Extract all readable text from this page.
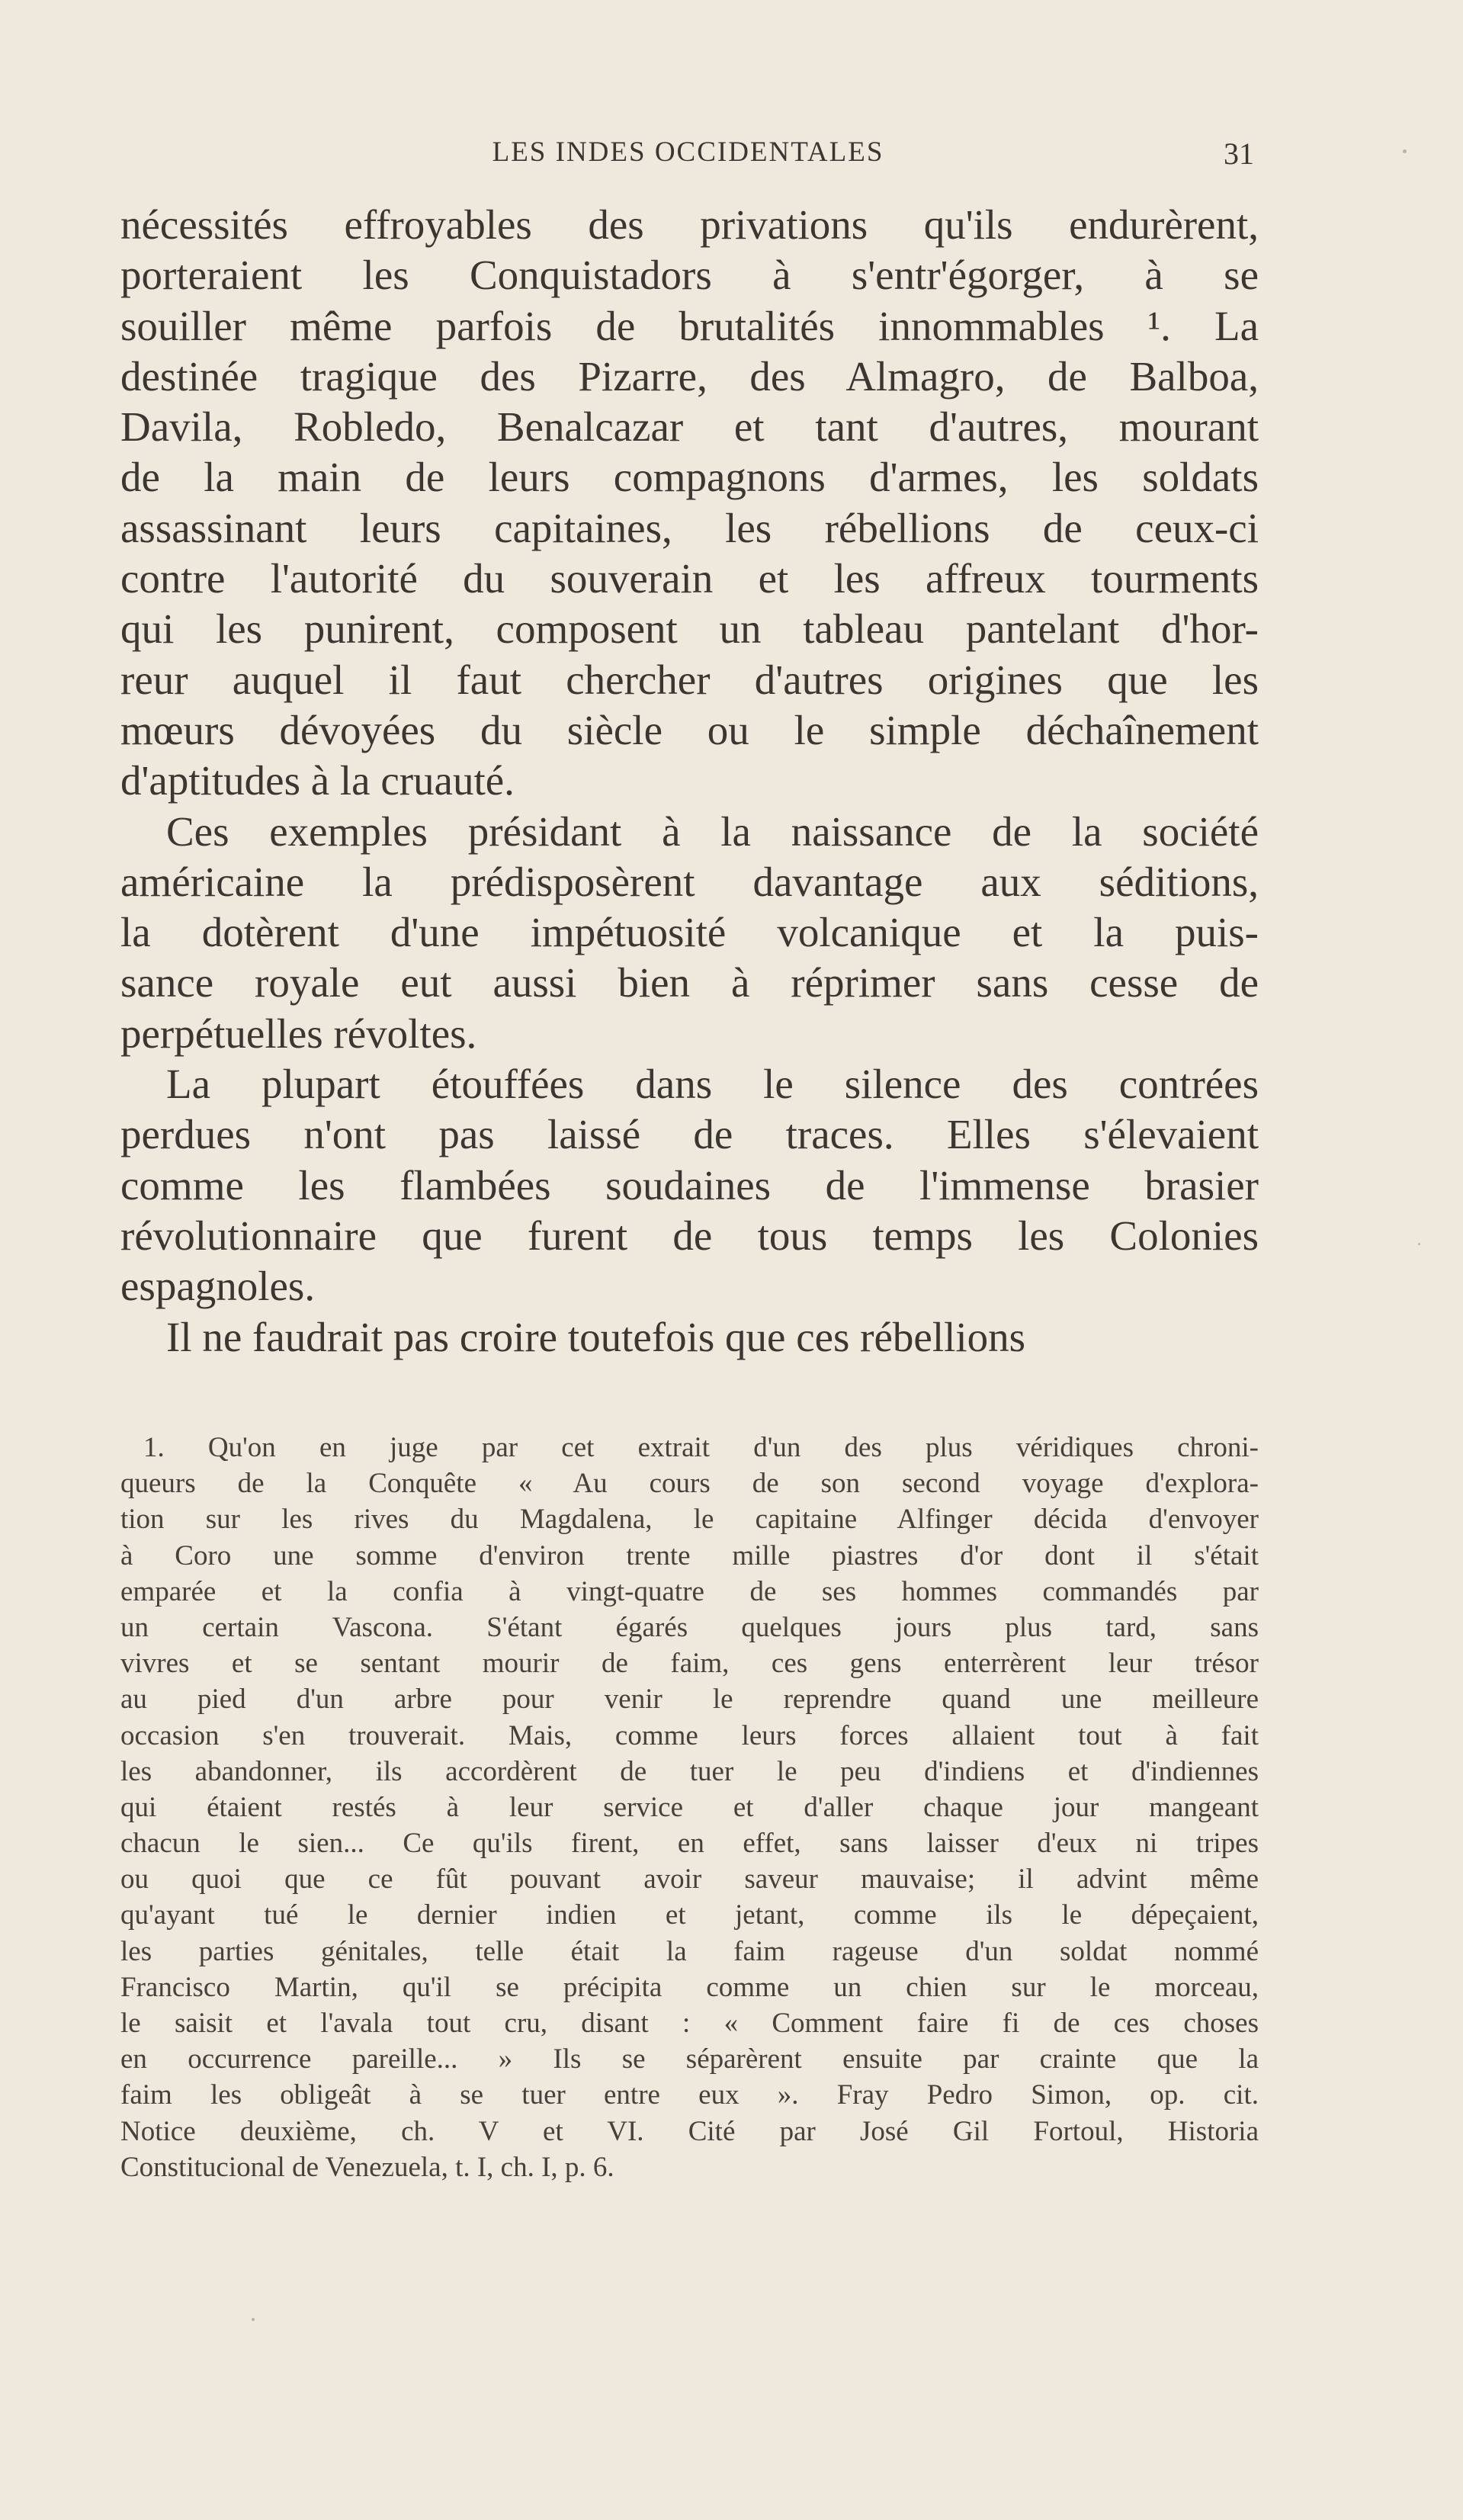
LES INDES OCCIDENTALES	31
nécessités effroyables des privations qu'ils endurèrent,
porteraient les Conquistadors à s'entr'égorger, à se
souiller même parfois de brutalités innommables ¹. La
destinée tragique des Pizarre, des Almagro, de Balboa,
Davila, Robledo, Benalcazar et tant d'autres, mourant
de la main de leurs compagnons d'armes, les soldats
assassinant leurs capitaines, les rébellions de ceux-ci
contre l'autorité du souverain et les affreux tourments
qui les punirent, composent un tableau pantelant d'hor-
reur auquel il faut chercher d'autres origines que les
mœurs dévoyées du siècle ou le simple déchaînement
d'aptitudes à la cruauté.
Ces exemples présidant à la naissance de la société
américaine la prédisposèrent davantage aux séditions,
la dotèrent d'une impétuosité volcanique et la puis-
sance royale eut aussi bien à réprimer sans cesse de
perpétuelles révoltes.
La plupart étouffées dans le silence des contrées
perdues n'ont pas laissé de traces. Elles s'élevaient
comme les flambées soudaines de l'immense brasier
révolutionnaire que furent de tous temps les Colonies
espagnoles.
Il ne faudrait pas croire toutefois que ces rébellions
1. Qu'on en juge par cet extrait d'un des plus véridiques chroni-
queurs de la Conquête « Au cours de son second voyage d'explora-
tion sur les rives du Magdalena, le capitaine Alfinger décida d'envoyer
à Coro une somme d'environ trente mille piastres d'or dont il s'était
emparée et la confia à vingt-quatre de ses hommes commandés par
un certain Vascona. S'étant égarés quelques jours plus tard, sans
vivres et se sentant mourir de faim, ces gens enterrèrent leur trésor
au pied d'un arbre pour venir le reprendre quand une meilleure
occasion s'en trouverait. Mais, comme leurs forces allaient tout à fait
les abandonner, ils accordèrent de tuer le peu d'indiens et d'indiennes
qui étaient restés à leur service et d'aller chaque jour mangeant
chacun le sien... Ce qu'ils firent, en effet, sans laisser d'eux ni tripes
ou quoi que ce fût pouvant avoir saveur mauvaise; il advint même
qu'ayant tué le dernier indien et jetant, comme ils le dépeçaient,
les parties génitales, telle était la faim rageuse d'un soldat nommé
Francisco Martin, qu'il se précipita comme un chien sur le morceau,
le saisit et l'avala tout cru, disant : « Comment faire fi de ces choses
en occurrence pareille... » Ils se séparèrent ensuite par crainte que la
faim les obligeât à se tuer entre eux ». Fray Pedro Simon, op. cit.
Notice deuxième, ch. V et VI. Cité par José Gil Fortoul, Historia
Constitucional de Venezuela, t. I, ch. I, p. 6.
